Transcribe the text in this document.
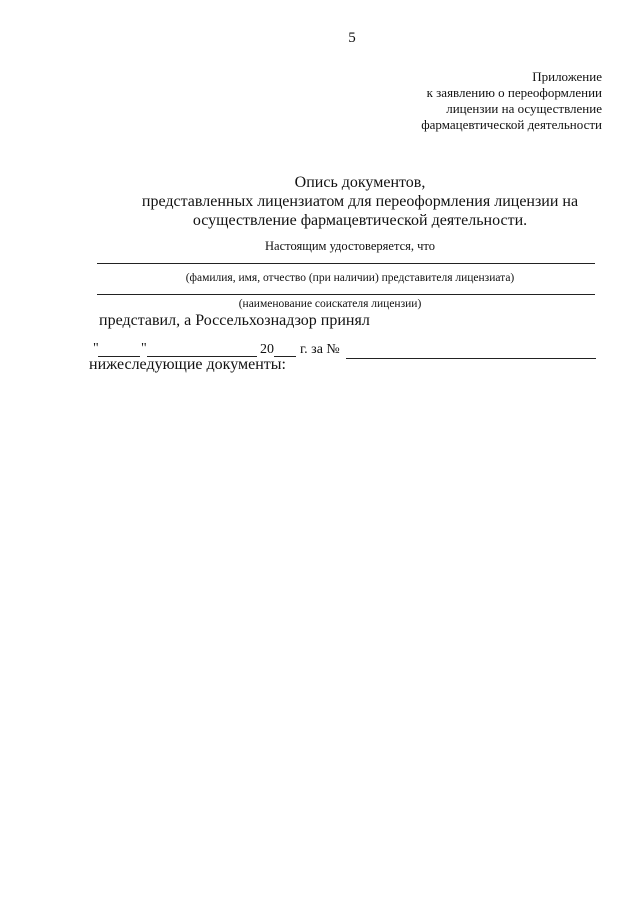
5
Приложение
к заявлению о переоформлении
лицензии на осуществление
фармацевтической деятельности
Опись документов,
представленных лицензиатом для переоформления лицензии на
осуществление фармацевтической деятельности.
Настоящим удостоверяется, что
(фамилия, имя, отчество (при наличии) представителя лицензиата)
(наименование соискателя лицензии)
представил, а Россельхознадзор принял
"	"	20 г. за №
нижеследующие документы:
